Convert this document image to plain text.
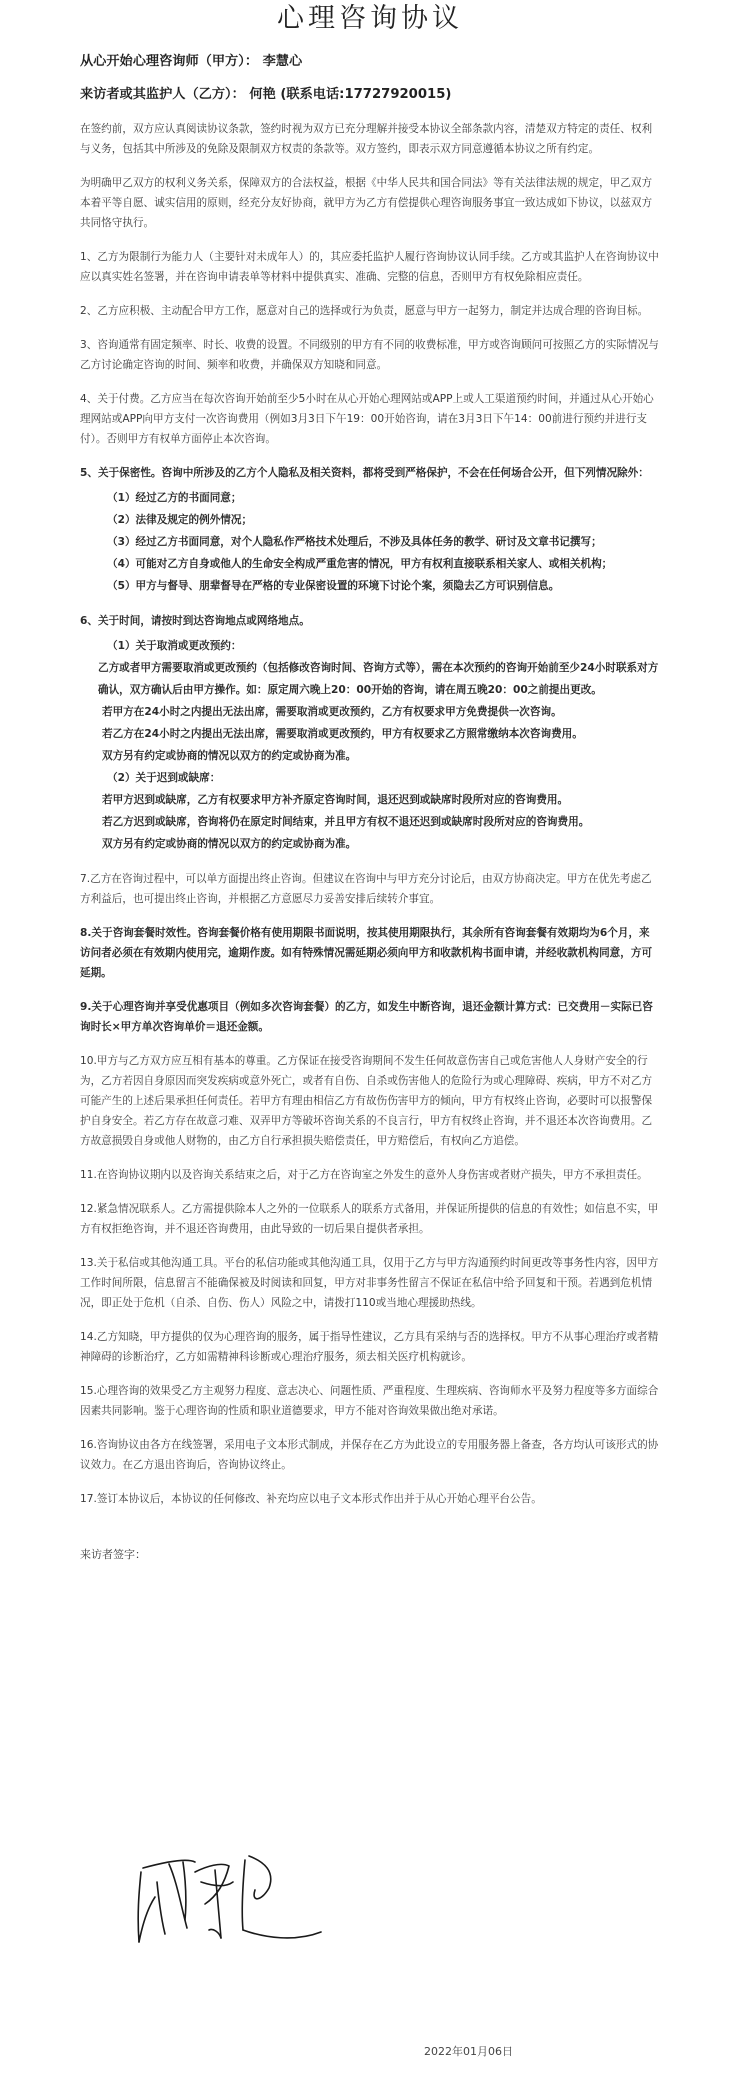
心理咨询协议
从心开始心理咨询师（甲方）： 李慧心
来访者或其监护人（乙方）： 何艳 (联系电话:17727920015)

在签约前，双方应认真阅读协议条款，签约时视为双方已充分理解并接受本协议全部条款内容，清楚双方特定的责任、权利与义务，包括其中所涉及的免除及限制双方权责的条款等。双方签约，即表示双方同意遵循本协议之所有约定。

为明确甲乙双方的权利义务关系，保障双方的合法权益，根据《中华人民共和国合同法》等有关法律法规的规定，甲乙双方本着平等自愿、诚实信用的原则，经充分友好协商，就甲方为乙方有偿提供心理咨询服务事宜一致达成如下协议，以兹双方共同恪守执行。

1、乙方为限制行为能力人（主要针对未成年人）的，其应委托监护人履行咨询协议认同手续。乙方或其监护人在咨询协议中应以真实姓名签署，并在咨询申请表单等材料中提供真实、准确、完整的信息，否则甲方有权免除相应责任。

2、乙方应积极、主动配合甲方工作，愿意对自己的选择或行为负责，愿意与甲方一起努力，制定并达成合理的咨询目标。

3、咨询通常有固定频率、时长、收费的设置。不同级别的甲方有不同的收费标准，甲方或咨询顾问可按照乙方的实际情况与乙方讨论确定咨询的时间、频率和收费，并确保双方知晓和同意。

4、关于付费。乙方应当在每次咨询开始前至少5小时在从心开始心理网站或APP上或人工渠道预约时间，并通过从心开始心理网站或APP向甲方支付一次咨询费用（例如3月3日下午19：00开始咨询，请在3月3日下午14：00前进行预约并进行支付）。否则甲方有权单方面停止本次咨询。

5、关于保密性。咨询中所涉及的乙方个人隐私及相关资料，都将受到严格保护，不会在任何场合公开，但下列情况除外：

（1）经过乙方的书面同意；
（2）法律及规定的例外情况；
（3）经过乙方书面同意，对个人隐私作严格技术处理后，不涉及具体任务的教学、研讨及文章书记撰写；
（4）可能对乙方自身或他人的生命安全构成严重危害的情况，甲方有权利直接联系相关家人、或相关机构；
（5）甲方与督导、朋辈督导在严格的专业保密设置的环境下讨论个案，须隐去乙方可识别信息。

6、关于时间，请按时到达咨询地点或网络地点。

（1）关于取消或更改预约：
乙方或者甲方需要取消或更改预约（包括修改咨询时间、咨询方式等），需在本次预约的咨询开始前至少24小时联系对方确认，双方确认后由甲方操作。如：原定周六晚上20：00开始的咨询，请在周五晚20：00之前提出更改。
若甲方在24小时之内提出无法出席，需要取消或更改预约，乙方有权要求甲方免费提供一次咨询。
若乙方在24小时之内提出无法出席，需要取消或更改预约，甲方有权要求乙方照常缴纳本次咨询费用。
双方另有约定或协商的情况以双方的约定或协商为准。
（2）关于迟到或缺席：
若甲方迟到或缺席，乙方有权要求甲方补齐原定咨询时间，退还迟到或缺席时段所对应的咨询费用。
若乙方迟到或缺席，咨询将仍在原定时间结束，并且甲方有权不退还迟到或缺席时段所对应的咨询费用。
双方另有约定或协商的情况以双方的约定或协商为准。

7.乙方在咨询过程中，可以单方面提出终止咨询。但建议在咨询中与甲方充分讨论后，由双方协商决定。甲方在优先考虑乙方利益后，也可提出终止咨询，并根据乙方意愿尽力妥善安排后续转介事宜。

8.关于咨询套餐时效性。咨询套餐价格有使用期限书面说明，按其使用期限执行，其余所有咨询套餐有效期均为6个月，来访问者必须在有效期内使用完，逾期作废。如有特殊情况需延期必须向甲方和收款机构书面申请，并经收款机构同意，方可延期。

9.关于心理咨询并享受优惠项目（例如多次咨询套餐）的乙方，如发生中断咨询，退还金额计算方式：已交费用－实际已咨询时长×甲方单次咨询单价＝退还金额。

10.甲方与乙方双方应互相有基本的尊重。乙方保证在接受咨询期间不发生任何故意伤害自己或危害他人人身财产安全的行为，乙方若因自身原因而突发疾病或意外死亡，或者有自伤、自杀或伤害他人的危险行为或心理障碍、疾病，甲方不对乙方可能产生的上述后果承担任何责任。若甲方有理由相信乙方有故伤伤害甲方的倾向，甲方有权终止咨询，必要时可以报警保护自身安全。若乙方存在故意刁难、双弄甲方等破坏咨询关系的不良言行，甲方有权终止咨询，并不退还本次咨询费用。乙方故意损毁自身或他人财物的，由乙方自行承担损失赔偿责任，甲方赔偿后，有权向乙方追偿。

11.在咨询协议期内以及咨询关系结束之后，对于乙方在咨询室之外发生的意外人身伤害或者财产损失，甲方不承担责任。

12.紧急情况联系人。乙方需提供除本人之外的一位联系人的联系方式备用，并保证所提供的信息的有效性；如信息不实，甲方有权拒绝咨询，并不退还咨询费用，由此导致的一切后果自提供者承担。

13.关于私信或其他沟通工具。平台的私信功能或其他沟通工具，仅用于乙方与甲方沟通预约时间更改等事务性内容，因甲方工作时间所限，信息留言不能确保被及时阅读和回复，甲方对非事务性留言不保证在私信中给予回复和干预。若遇到危机情况，即正处于危机（自杀、自伤、伤人）风险之中，请拨打110或当地心理援助热线。

14.乙方知晓，甲方提供的仅为心理咨询的服务，属于指导性建议，乙方具有采纳与否的选择权。甲方不从事心理治疗或者精神障碍的诊断治疗，乙方如需精神科诊断或心理治疗服务，须去相关医疗机构就诊。

15.心理咨询的效果受乙方主观努力程度、意志决心、问题性质、严重程度、生理疾病、咨询师水平及努力程度等多方面综合因素共同影响。鉴于心理咨询的性质和职业道德要求，甲方不能对咨询效果做出绝对承诺。

16.咨询协议由各方在线签署，采用电子文本形式制成，并保存在乙方为此设立的专用服务器上备查，各方均认可该形式的协议效力。在乙方退出咨询后，咨询协议终止。

17.签订本协议后，本协议的任何修改、补充均应以电子文本形式作出并于从心开始心理平台公告。

来访者签字：
2022年01月06日
